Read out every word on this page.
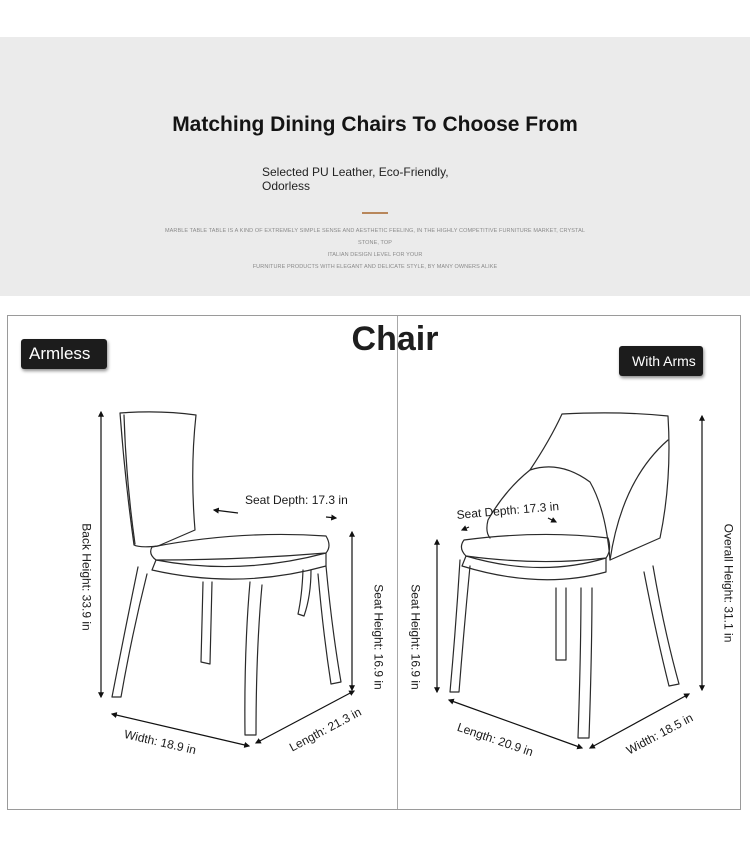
Matching Dining Chairs To Choose From
Selected PU Leather, Eco-Friendly, Odorless
MARBLE TABLE TABLE IS A KIND OF EXTREMELY SIMPLE SENSE AND AESTHETIC FEELING, IN THE HIGHLY COMPETITIVE FURNITURE MARKET, CRYSTAL STONE, TOP
ITALIAN DESIGN LEVEL FOR YOUR
FURNITURE PRODUCTS WITH ELEGANT AND DELICATE STYLE, BY MANY OWNERS ALIKE
Chair
Armless	With Arms
Back Height: 33.9 in
Seat Depth: 17.3 in
Seat Height: 16.9 in
Width: 18.9 in	Length: 21.3 in
Seat Depth: 17.3 in
Seat Height: 16.9 in	Overall Height: 31.1 in
Length: 20.9 in	Width: 18.5 in
